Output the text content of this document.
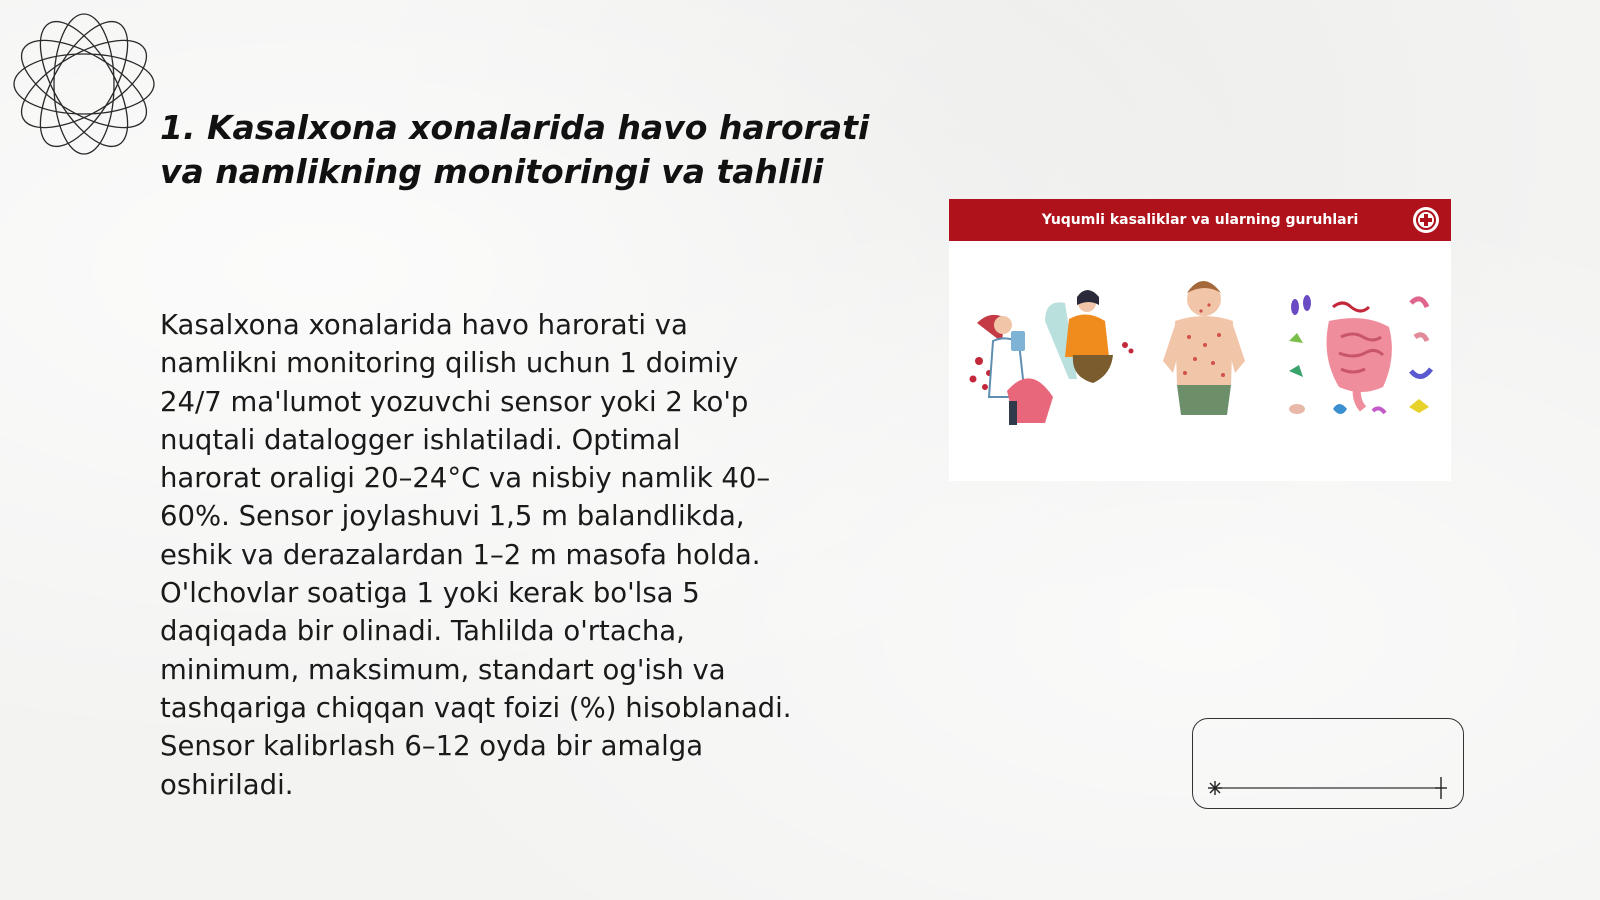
1. Kasalxona xonalarida havo harorati
va namlikning monitoringi va tahlili

Kasalxona xonalarida havo harorati va
namlikni monitoring qilish uchun 1 doimiy
24/7 ma'lumot yozuvchi sensor yoki 2 ko'p
nuqtali datalogger ishlatiladi. Optimal
harorat oraligi 20–24°C va nisbiy namlik 40–
60%. Sensor joylashuvi 1,5 m balandlikda,
eshik va derazalardan 1–2 m masofa holda.
O'lchovlar soatiga 1 yoki kerak bo'lsa 5
daqiqada bir olinadi. Tahlilda o'rtacha,
minimum, maksimum, standart og'ish va
tashqariga chiqqan vaqt foizi (%) hisoblanadi.
Sensor kalibrlash 6–12 oyda bir amalga
oshiriladi.

Yuqumli kasaliklar va ularning guruhlari
